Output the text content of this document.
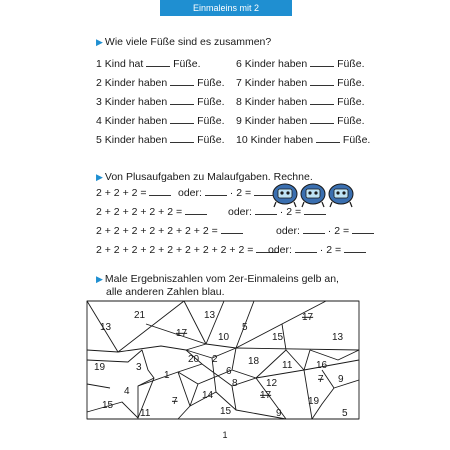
Einmaleins mit 2
▶ Wie viele Füße sind es zusammen?
1 Kind hat	Füße.
2 Kinder haben	Füße.
3 Kinder haben	Füße.
4 Kinder haben	Füße.
5 Kinder haben	Füße.
6 Kinder haben	Füße.
7 Kinder haben	Füße.
8 Kinder haben	Füße.
9 Kinder haben	Füße.
10 Kinder haben	Füße.
▶ Von Plusaufgaben zu Malaufgaben. Rechne.
2 + 2 + 2 =	oder:	· 2 =
2 + 2 + 2 + 2 + 2 =	oder:	· 2 =
2 + 2 + 2 + 2 + 2 + 2 + 2 =	oder:	· 2 =
2 + 2 + 2 + 2 + 2 + 2 + 2 + 2 + 2 =	oder:	· 2 =
▶ Male Ergebniszahlen vom 2er-Einmaleins gelb an,
alle anderen Zahlen blau.
21
13
17
13
10
5
17
15	13
3
19
1
20 2	18 11 16
7
6
8	12	9
4	14
7
17
19
15
11	15	9	5
1
